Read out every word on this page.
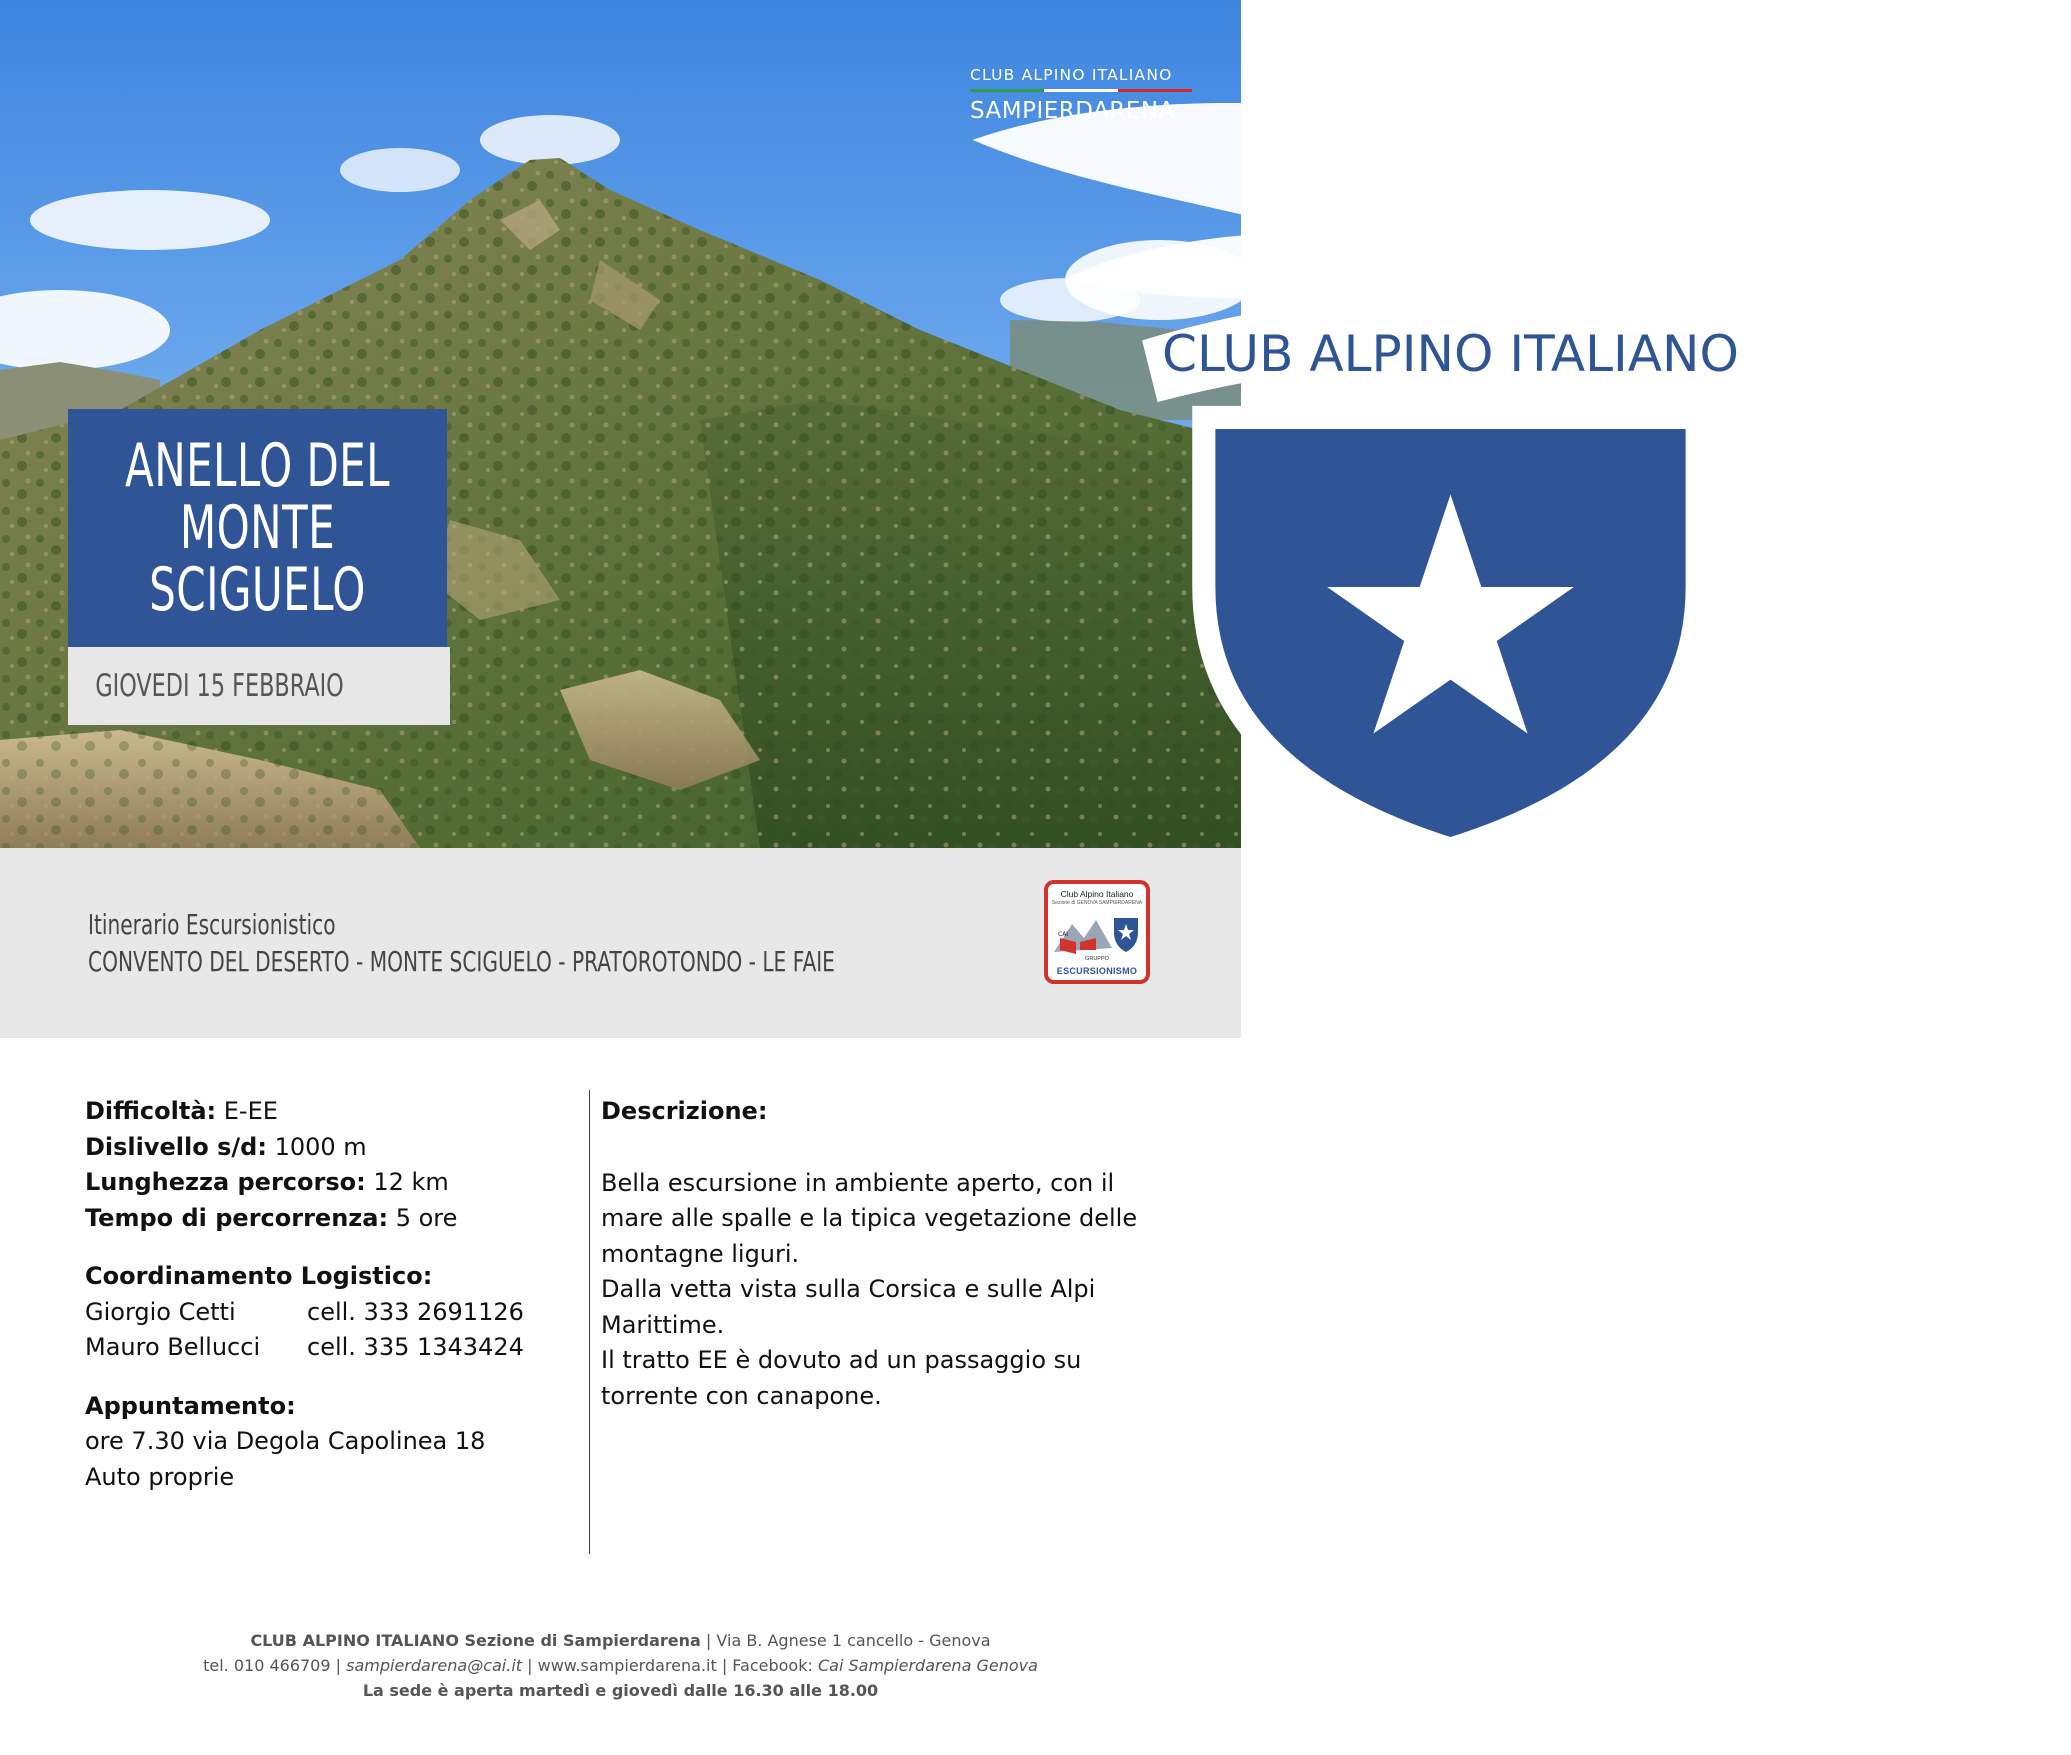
CLUB ALPINO ITALIANO
CLUB ALPINO ITALIANO
SAMPIERDARENA
ANELLO DEL MONTE SCIGUELO
GIOVEDI 15 FEBBRAIO
Itinerario Escursionistico
CONVENTO DEL DESERTO - MONTE SCIGUELO - PRATOROTONDO - LE FAIE
Club Alpino Italiano
Sezione di GENOVA SAMPIERDARENA
CAI
GRUPPO
ESCURSIONISMO
Difficoltà: E-EE
Dislivello s/d: 1000 m
Lunghezza percorso: 12 km
Tempo di percorrenza: 5 ore
Coordinamento Logistico:
Giorgio Cetti	cell. 333 2691126
Mauro Bellucci	cell. 335 1343424
Appuntamento:
ore 7.30 via Degola Capolinea 18
Auto proprie
Descrizione:
Bella escursione in ambiente aperto, con il
mare alle spalle e la tipica vegetazione delle
montagne liguri.
Dalla vetta vista sulla Corsica e sulle Alpi
Marittime.
Il tratto EE è dovuto ad un passaggio su
torrente con canapone.
CLUB ALPINO ITALIANO Sezione di Sampierdarena | Via B. Agnese 1 cancello - Genova
tel. 010 466709 | sampierdarena@cai.it | www.sampierdarena.it | Facebook: Cai Sampierdarena Genova
La sede è aperta martedì e giovedì dalle 16.30 alle 18.00
